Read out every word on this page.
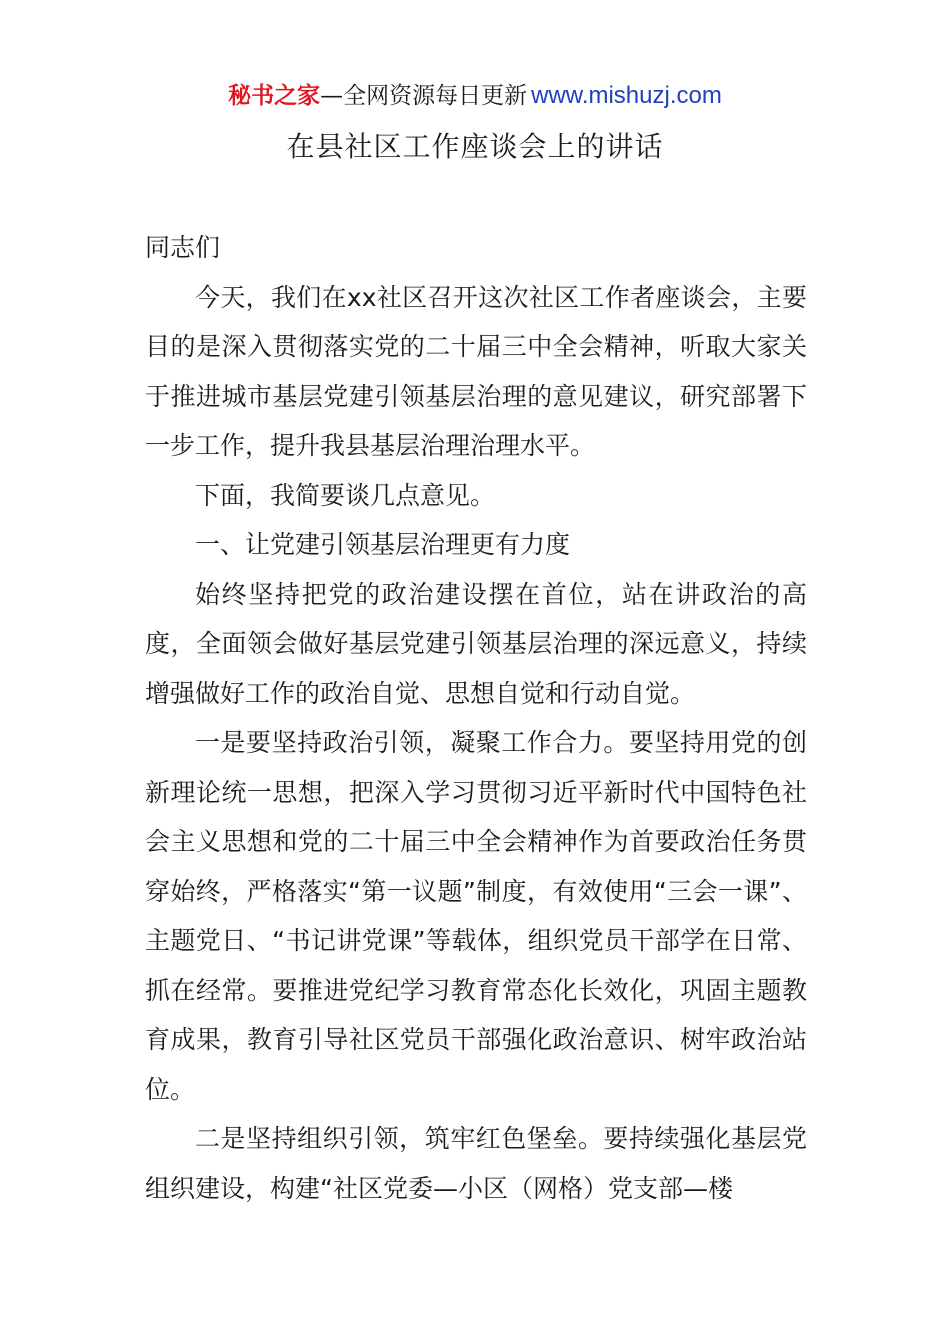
秘书之家—全网资源每日更新 www.mishuzj.com
在县社区工作座谈会上的讲话

同志们

今天，我们在xx社区召开这次社区工作者座谈会，主要目的是深入贯彻落实党的二十届三中全会精神，听取大家关于推进城市基层党建引领基层治理的意见建议，研究部署下一步工作，提升我县基层治理治理水平。

下面，我简要谈几点意见。

一、让党建引领基层治理更有力度

始终坚持把党的政治建设摆在首位，站在讲政治的高度，全面领会做好基层党建引领基层治理的深远意义，持续增强做好工作的政治自觉、思想自觉和行动自觉。

一是要坚持政治引领，凝聚工作合力。要坚持用党的创新理论统一思想，把深入学习贯彻习近平新时代中国特色社会主义思想和党的二十届三中全会精神作为首要政治任务贯穿始终，严格落实“第一议题”制度，有效使用“三会一课”、主题党日、“书记讲党课”等载体，组织党员干部学在日常、抓在经常。要推进党纪学习教育常态化长效化，巩固主题教育成果，教育引导社区党员干部强化政治意识、树牢政治站位。

二是坚持组织引领，筑牢红色堡垒。要持续强化基层党组织建设，构建“社区党委—小区（网格）党支部—楼
